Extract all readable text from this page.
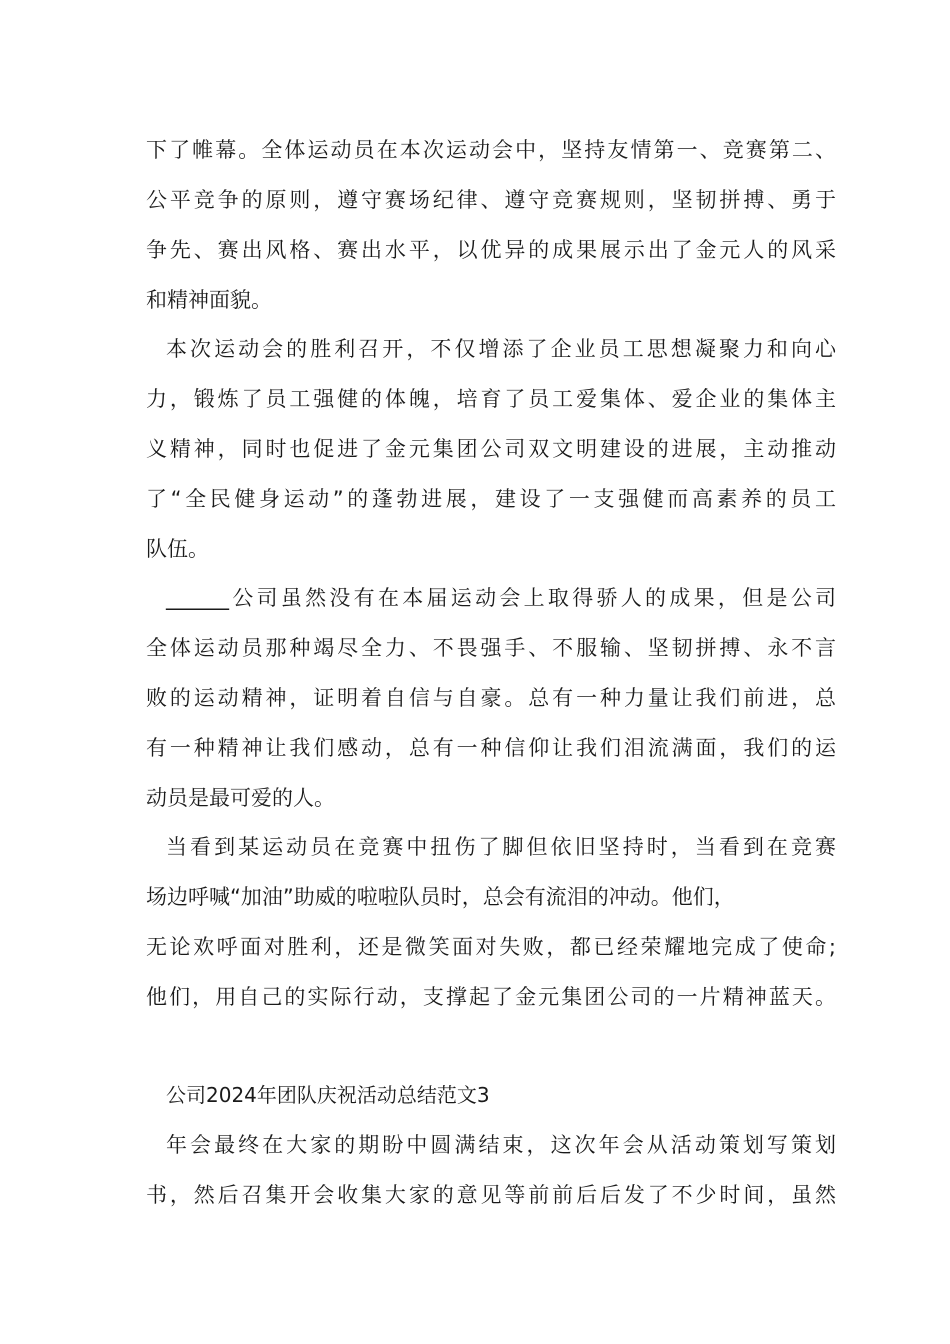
下了帷幕。全体运动员在本次运动会中，坚持友情第一、竞赛第二、
公平竞争的原则，遵守赛场纪律、遵守竞赛规则，坚韧拼搏、勇于
争先、赛出风格、赛出水平，以优异的成果展示出了金元人的风采
和精神面貌。
本次运动会的胜利召开，不仅增添了企业员工思想凝聚力和向心
力，锻炼了员工强健的体魄，培育了员工爱集体、爱企业的集体主
义精神，同时也促进了金元集团公司双文明建设的进展，主动推动
了“全民健身运动”的蓬勃进展，建设了一支强健而高素养的员工
队伍。
______公司虽然没有在本届运动会上取得骄人的成果，但是公司
全体运动员那种竭尽全力、不畏强手、不服输、坚韧拼搏、永不言
败的运动精神，证明着自信与自豪。总有一种力量让我们前进，总
有一种精神让我们感动，总有一种信仰让我们泪流满面，我们的运
动员是最可爱的人。
当看到某运动员在竞赛中扭伤了脚但依旧坚持时，当看到在竞赛
场边呼喊“加油”助威的啦啦队员时，总会有流泪的冲动。他们，
无论欢呼面对胜利，还是微笑面对失败，都已经荣耀地完成了使命;
他们，用自己的实际行动，支撑起了金元集团公司的一片精神蓝天。
公司2024年团队庆祝活动总结范文3
年会最终在大家的期盼中圆满结束，这次年会从活动策划写策划
书，然后召集开会收集大家的意见等前前后后发了不少时间，虽然
